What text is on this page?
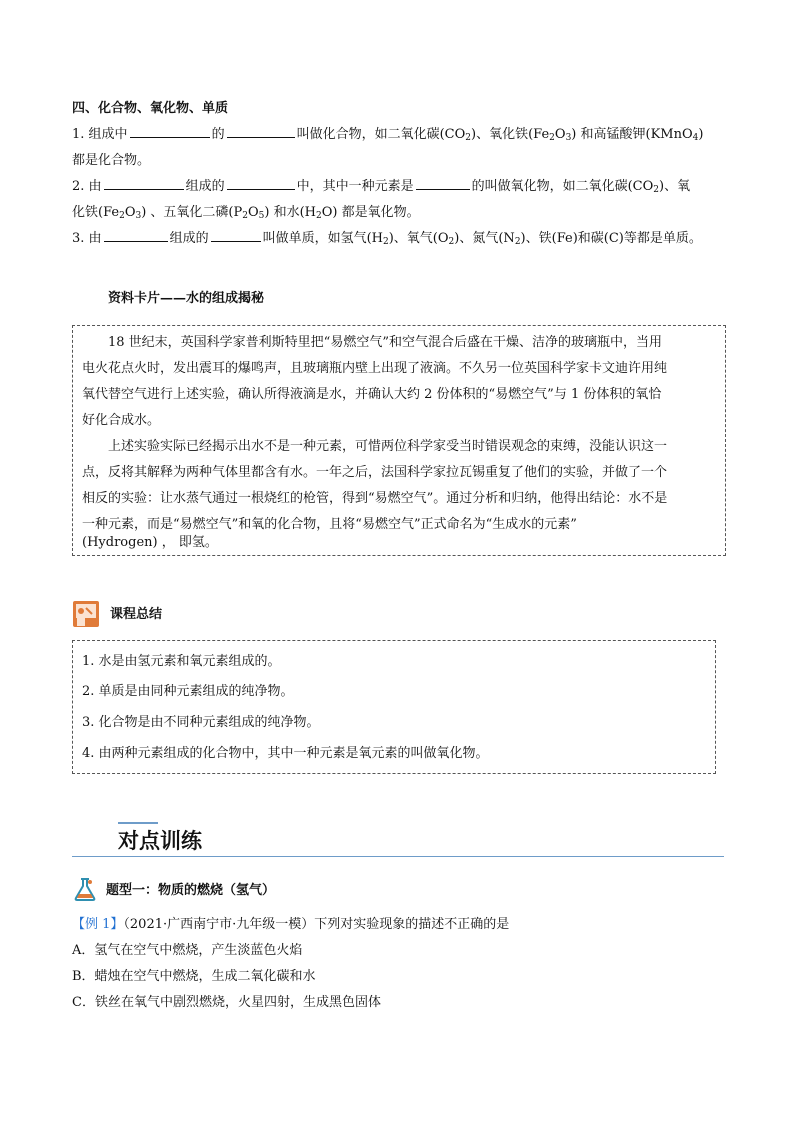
四、化合物、氧化物、单质
1. 组成中	的	叫做化合物，如二氧化碳$(CO_2)$、氧化铁$(Fe_2O_3)$ 和高锰酸钾(KMnO$_4$)
都是化合物。
2. 由	组成的	中，其中一种元素是	的叫做氧化物，如二氧化碳$(CO_2)$、氧
化铁$(Fe_2O_3)$ 、五氧化二磷$(P_2O_5)$ 和水$(H_2O)$ 都是氧化物。
3. 由	组成的	叫做单质，如氢气$(H_2)$、氧气$(O_2)$、氮气$(N_2)$、铁(Fe)和碳(C)等都是单质。
资料卡片——水的组成揭秘
18 世纪末，英国科学家普利斯特里把“易燃空气”和空气混合后盛在干燥、洁净的玻璃瓶中，当用
电火花点火时，发出震耳的爆鸣声，且玻璃瓶内壁上出现了液滴。不久另一位英国科学家卡文迪许用纯
氧代替空气进行上述实验，确认所得液滴是水，并确认大约 2 份体积的“易燃空气”与 1 份体积的氧恰
好化合成水。
上述实验实际已经揭示出水不是一种元素，可惜两位科学家受当时错误观念的束缚，没能认识这一
点，反将其解释为两种气体里都含有水。一年之后，法国科学家拉瓦锡重复了他们的实验，并做了一个
相反的实验：让水蒸气通过一根烧红的枪管，得到“易燃空气”。通过分析和归纳，他得出结论：水不是
一种元素，而是“易燃空气”和氧的化合物，且将“易燃空气”正式命名为“生成水的元素”
(Hydrogen) ， 即氢。
课程总结
1. 水是由氢元素和氧元素组成的。
2. 单质是由同种元素组成的纯净物。
3. 化合物是由不同种元素组成的纯净物。
4. 由两种元素组成的化合物中，其中一种元素是氧元素的叫做氧化物。
对点训练
题型一：物质的燃烧（氢气）
【例 1】（2021·广西南宁市·九年级一模）下列对实验现象的描述不正确的是
A．氢气在空气中燃烧，产生淡蓝色火焰
B．蜡烛在空气中燃烧，生成二氧化碳和水
C．铁丝在氧气中剧烈燃烧，火星四射，生成黑色固体
